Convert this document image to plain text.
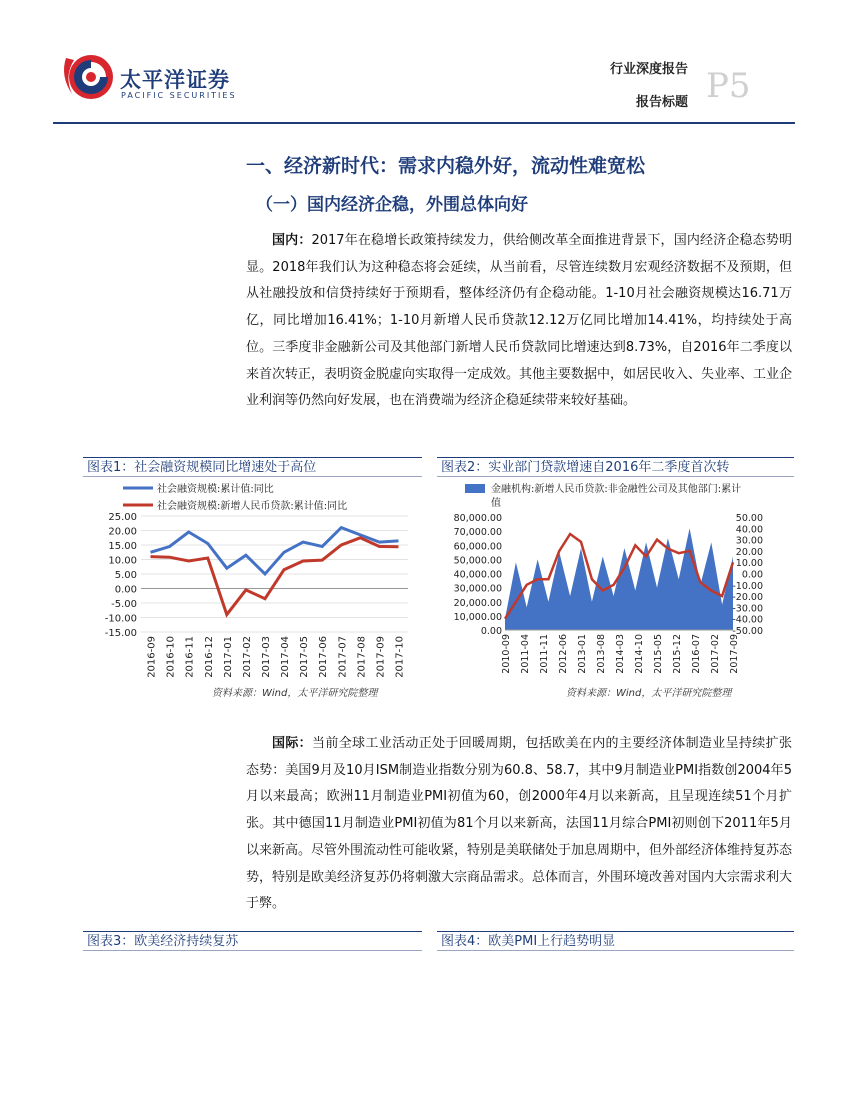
太平洋证券
PACIFIC SECURITIES
行业深度报告
报告标题 P5
一、经济新时代：需求内稳外好，流动性难宽松
（一）国内经济企稳，外围总体向好
国内：2017年在稳增长政策持续发力，供给侧改革全面推进背景下，国内经济企稳态势明显。2018年我们认为这种稳态将会延续，从当前看，尽管连续数月宏观经济数据不及预期，但从社融投放和信贷持续好于预期看，整体经济仍有企稳动能。1-10月社会融资规模达16.71万亿，同比增加16.41%；1-10月新增人民币贷款12.12万亿同比增加14.41%，均持续处于高位。三季度非金融新公司及其他部门新增人民币贷款同比增速达到8.73%，自2016年二季度以来首次转正，表明资金脱虚向实取得一定成效。其他主要数据中，如居民收入、失业率、工业企业利润等仍然向好发展，也在消费端为经济企稳延续带来较好基础。
图表1：社会融资规模同比增速处于高位
社会融资规模:累计值:同比
社会融资规模:新增人民币贷款:累计值:同比
25.00
20.00
15.00
10.00
5.00
0.00
-5.00
-10.00
-15.00
2016-09 2016-10 2016-11 2016-12 2017-01 2017-02 2017-03 2017-04 2017-05 2017-06 2017-07 2017-08 2017-09 2017-10
资料来源：Wind，太平洋研究院整理
图表2：实业部门贷款增速自2016年二季度首次转
金融机构:新增人民币贷款:非金融性公司及其他部门:累计
值
80,000.00
70,000.00
60,000.00
50,000.00
40,000.00
30,000.00
20,000.00
10,000.00
0.00
50.00
40.00
30.00
20.00
10.00
0.00
-10.00
-20.00
-30.00
-40.00
-50.00
2010-09 2011-04 2011-11 2012-06 2013-01 2013-08 2014-03 2014-10 2015-05 2015-12 2016-07 2017-02 2017-09
资料来源：Wind，太平洋研究院整理
国际：当前全球工业活动正处于回暖周期，包括欧美在内的主要经济体制造业呈持续扩张态势：美国9月及10月ISM制造业指数分别为60.8、58.7，其中9月制造业PMI指数创2004年5月以来最高；欧洲11月制造业PMI初值为60，创2000年4月以来新高，且呈现连续51个月扩张。其中德国11月制造业PMI初值为81个月以来新高，法国11月综合PMI初则创下2011年5月以来新高。尽管外围流动性可能收紧，特别是美联储处于加息周期中，但外部经济体维持复苏态势，特别是欧美经济复苏仍将刺激大宗商品需求。总体而言，外围环境改善对国内大宗需求利大于弊。
图表3：欧美经济持续复苏	图表4：欧美PMI上行趋势明显
